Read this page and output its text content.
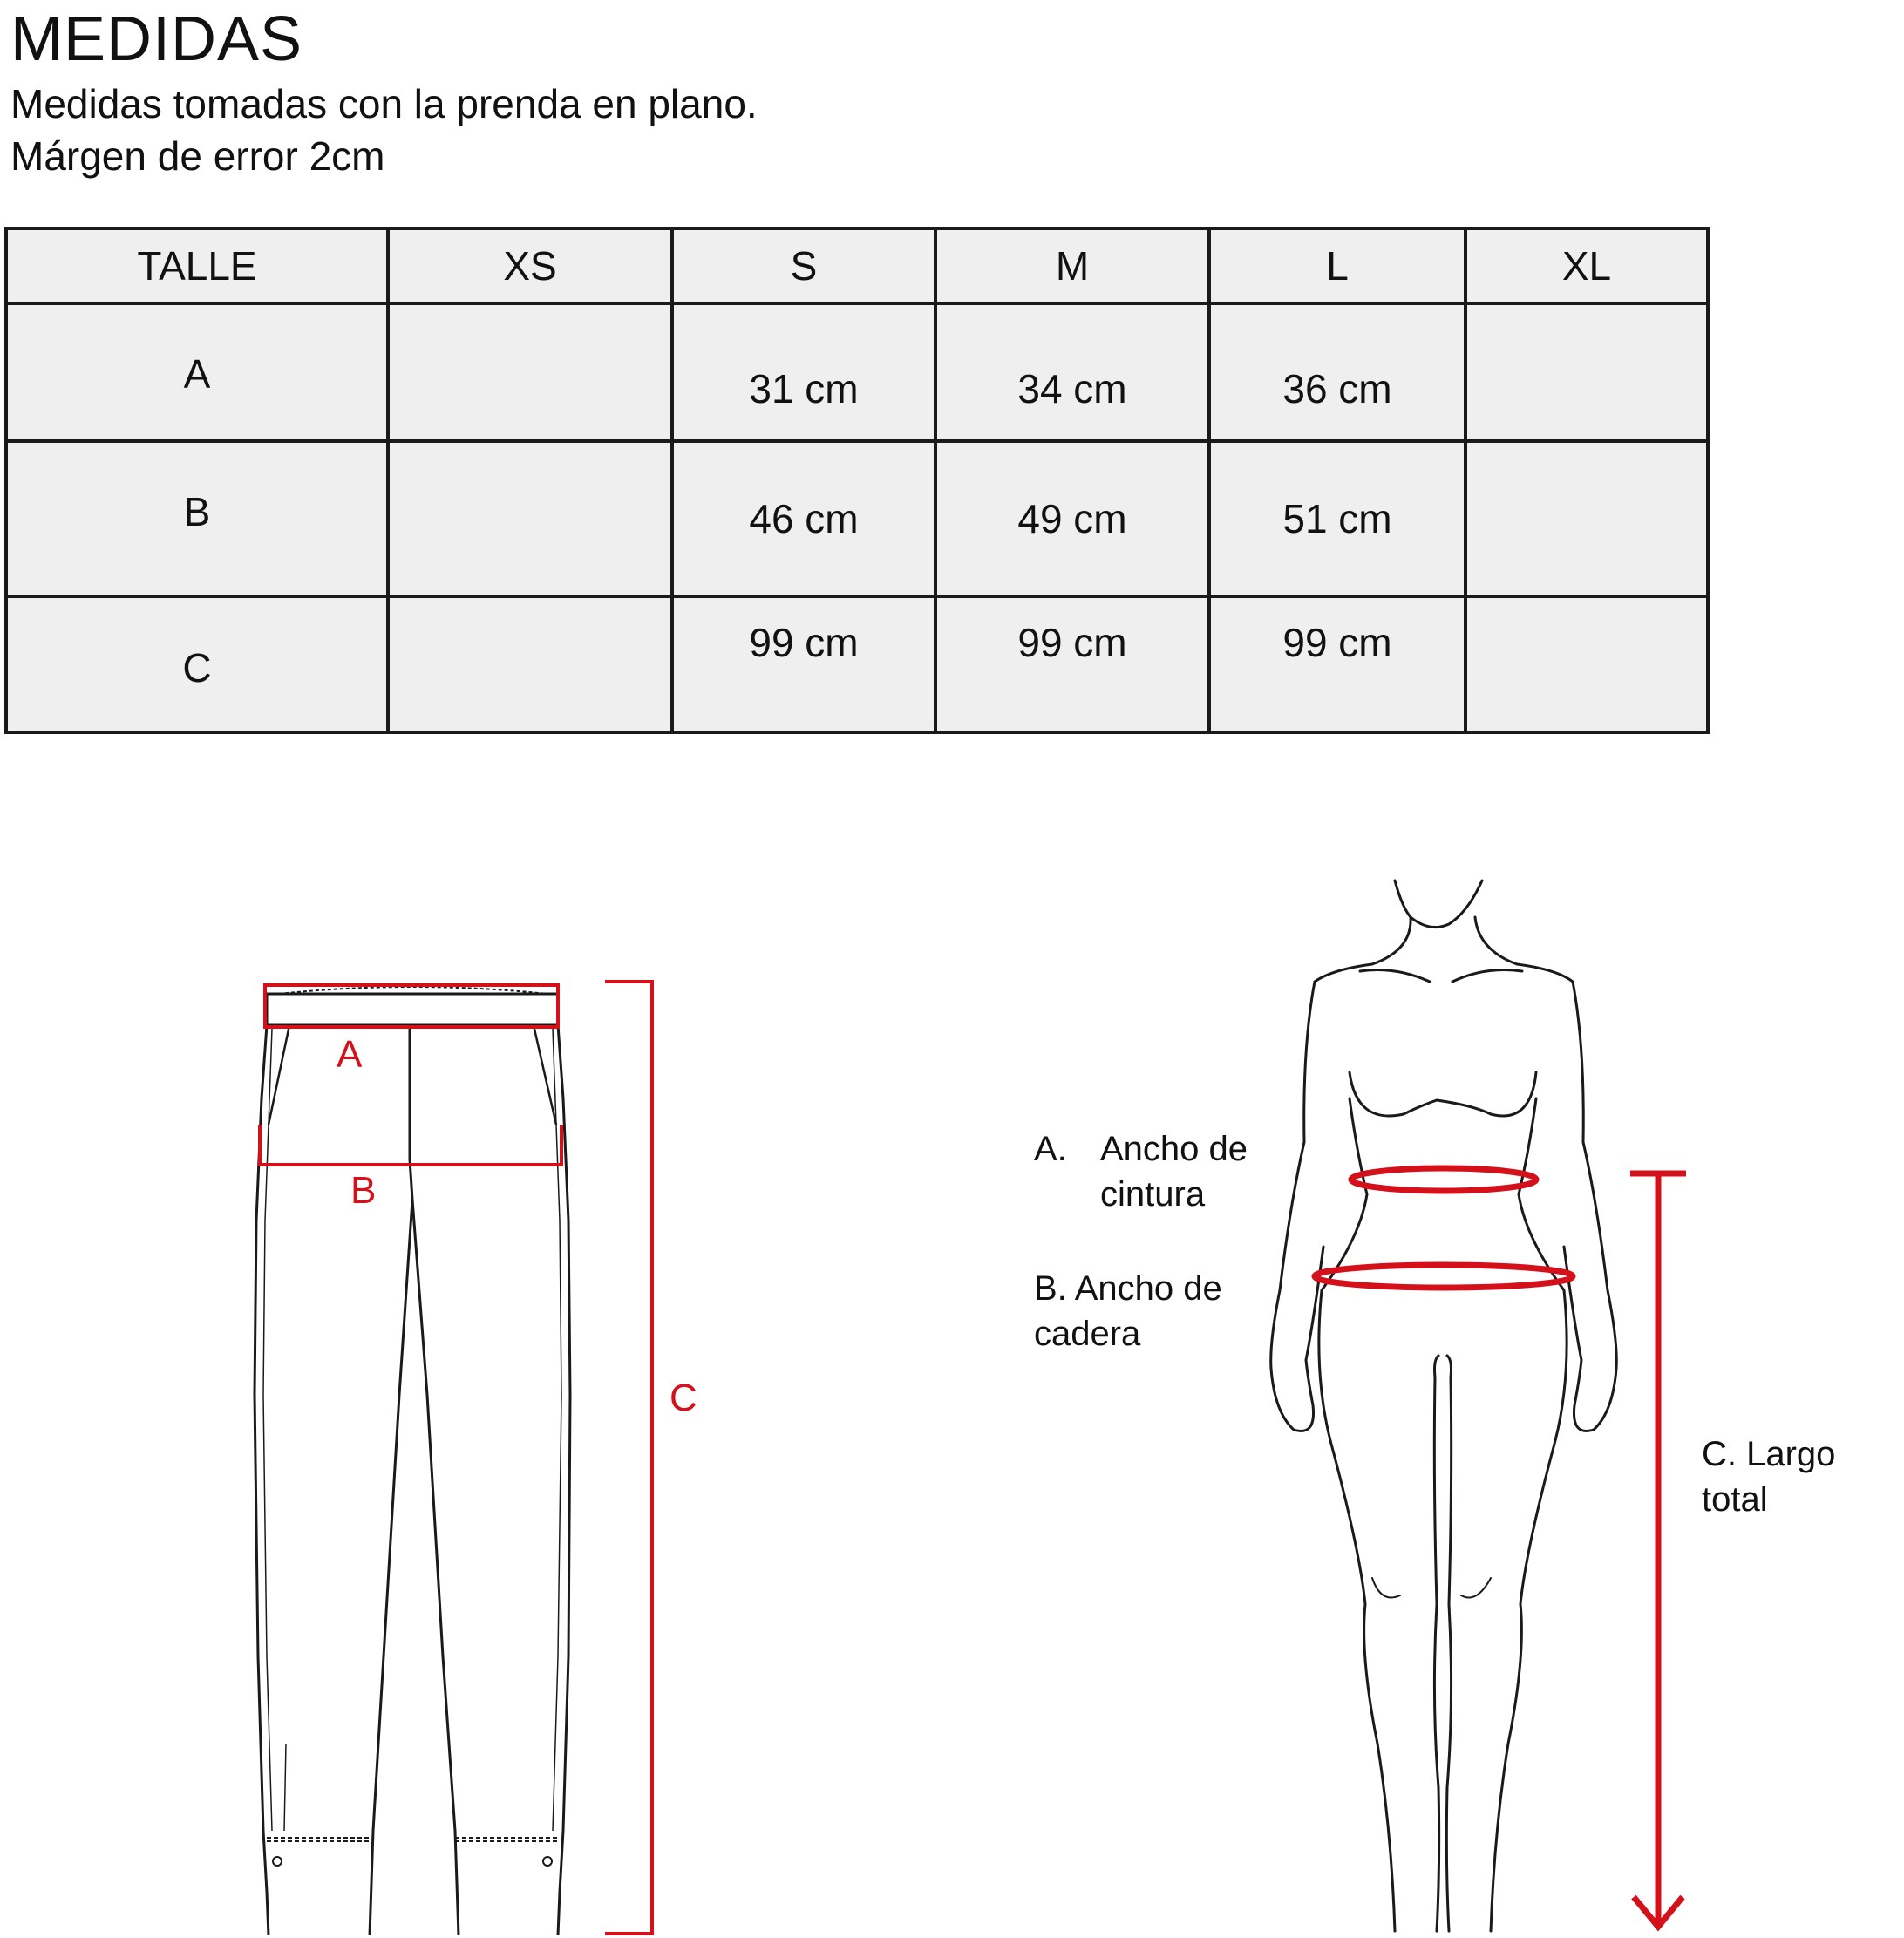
MEDIDAS

Medidas tomadas con la prenda en plano.

Márgen de error 2cm

TALLE	XS	S	M	L	XL
A		31 cm	34 cm	36 cm	
B		46 cm	49 cm	51 cm	
C		99 cm	99 cm	99 cm	
A
B
C
A. Ancho de
cintura
B. Ancho de
cadera
C. Largo
total
